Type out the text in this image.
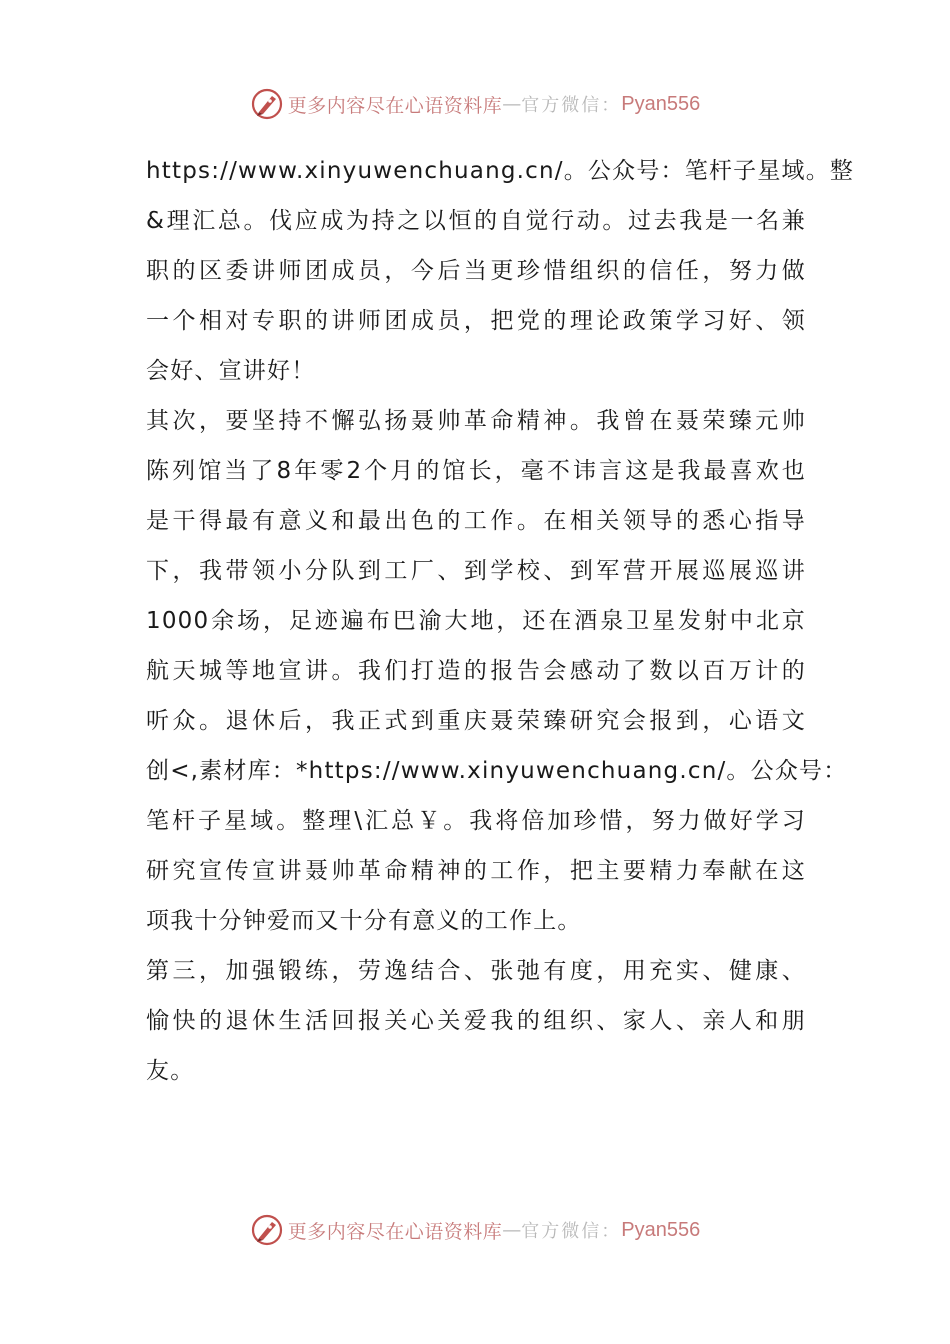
更多内容尽在心语资料库 — 官方微信： Pyan556
https://www.xinyuwenchuang.cn/。公众号：笔杆子星域。整
&理汇总。伐应成为持之以恒的自觉行动。过去我是一名兼
职的区委讲师团成员，今后当更珍惜组织的信任，努力做
一个相对专职的讲师团成员，把党的理论政策学习好、领
会好、宣讲好！
其次，要坚持不懈弘扬聂帅革命精神。我曾在聂荣臻元帅
陈列馆当了8年零2个月的馆长，毫不讳言这是我最喜欢也
是干得最有意义和最出色的工作。在相关领导的悉心指导
下，我带领小分队到工厂、到学校、到军营开展巡展巡讲
1000余场，足迹遍布巴渝大地，还在酒泉卫星发射中北京
航天城等地宣讲。我们打造的报告会感动了数以百万计的
听众。退休后，我正式到重庆聂荣臻研究会报到，心语文
创<,素材库：*https://www.xinyuwenchuang.cn/。公众号：
笔杆子星域。整理\汇总￥。我将倍加珍惜，努力做好学习
研究宣传宣讲聂帅革命精神的工作，把主要精力奉献在这
项我十分钟爱而又十分有意义的工作上。
第三，加强锻练，劳逸结合、张弛有度，用充实、健康、
愉快的退休生活回报关心关爱我的组织、家人、亲人和朋
友。
更多内容尽在心语资料库 — 官方微信： Pyan556
